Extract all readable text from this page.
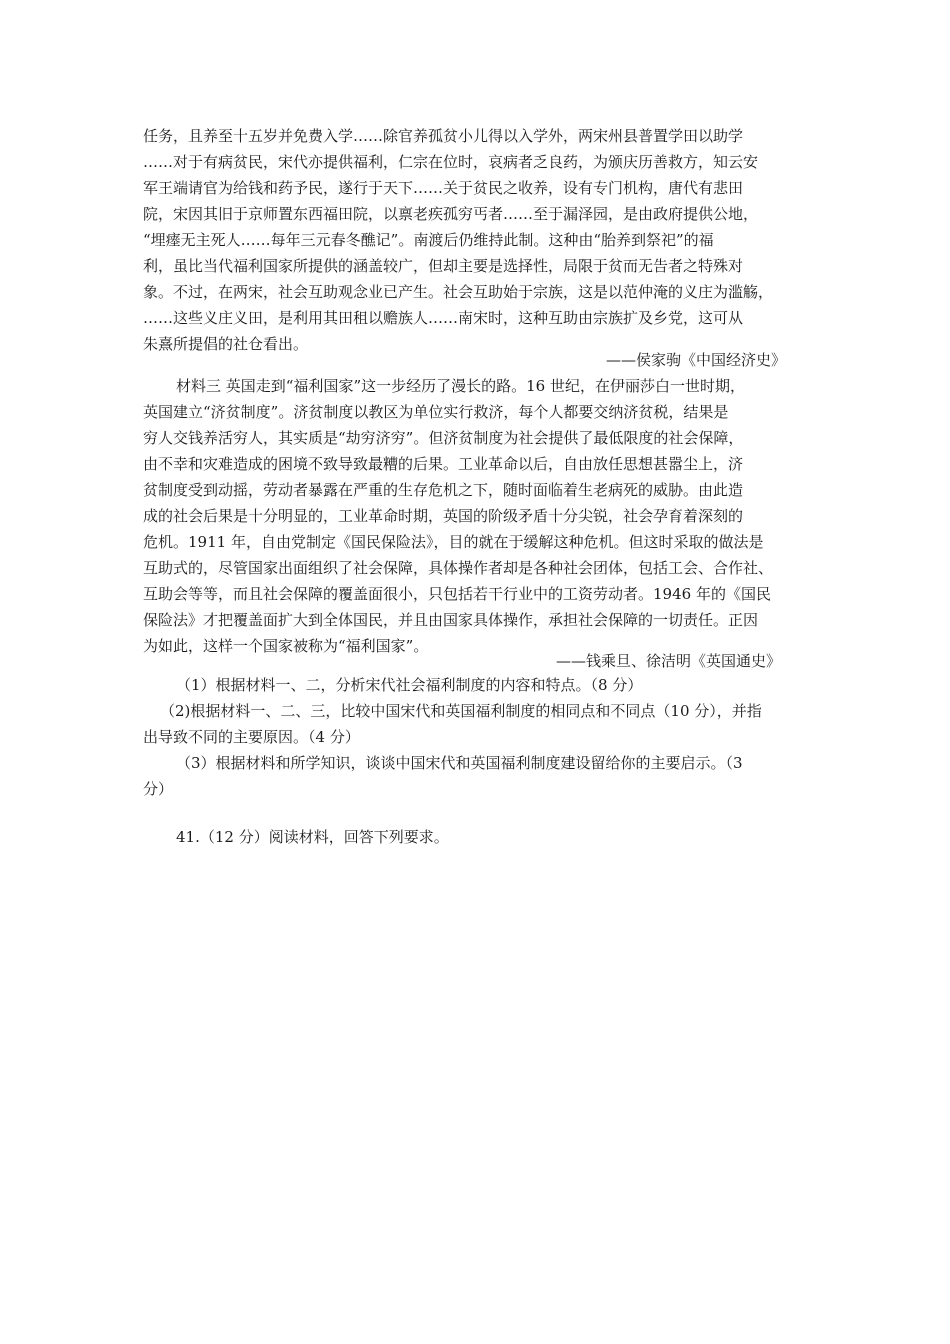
任务，且养至十五岁并免费入学……除官养孤贫小儿得以入学外，两宋州县普置学田以助学
……对于有病贫民，宋代亦提供福利，仁宗在位时，哀病者乏良药，为颁庆历善救方，知云安
军王端请官为给钱和药予民，遂行于天下……关于贫民之收养，设有专门机构，唐代有悲田
院，宋因其旧于京师置东西福田院，以禀老疾孤穷丐者……至于漏泽园，是由政府提供公地，
“埋瘗无主死人……每年三元春冬醮记”。南渡后仍维持此制。这种由“胎养到祭祀”的福
利，虽比当代福利国家所提供的涵盖较广，但却主要是选择性，局限于贫而无告者之特殊对
象。不过，在两宋，社会互助观念业已产生。社会互助始于宗族，这是以范仲淹的义庄为滥觞，
……这些义庄义田，是利用其田租以赡族人……南宋时，这种互助由宗族扩及乡党，这可从
朱熹所提倡的社仓看出。
——侯家驹《中国经济史》
材料三 英国走到“福利国家”这一步经历了漫长的路。16 世纪，在伊丽莎白一世时期，
英国建立“济贫制度”。济贫制度以教区为单位实行救济，每个人都要交纳济贫税，结果是
穷人交钱养活穷人，其实质是“劫穷济穷”。但济贫制度为社会提供了最低限度的社会保障，
由不幸和灾难造成的困境不致导致最糟的后果。工业革命以后，自由放任思想甚嚣尘上，济
贫制度受到动摇，劳动者暴露在严重的生存危机之下，随时面临着生老病死的威胁。由此造
成的社会后果是十分明显的，工业革命时期，英国的阶级矛盾十分尖锐，社会孕育着深刻的
危机。1911 年，自由党制定《国民保险法》，目的就在于缓解这种危机。但这时采取的做法是
互助式的，尽管国家出面组织了社会保障，具体操作者却是各种社会团体，包括工会、合作社、
互助会等等，而且社会保障的覆盖面很小，只包括若干行业中的工资劳动者。1946 年的《国民
保险法》才把覆盖面扩大到全体国民，并且由国家具体操作，承担社会保障的一切责任。正因
为如此，这样一个国家被称为“福利国家”。
——钱乘旦、徐洁明《英国通史》
（1）根据材料一、二，分析宋代社会福利制度的内容和特点。（8 分）
（2)根据材料一、二、三，比较中国宋代和英国福利制度的相同点和不同点（10 分），并指
出导致不同的主要原因。（4 分）
（3）根据材料和所学知识，谈谈中国宋代和英国福利制度建设留给你的主要启示。（3
分）
41.（12 分）阅读材料，回答下列要求。
